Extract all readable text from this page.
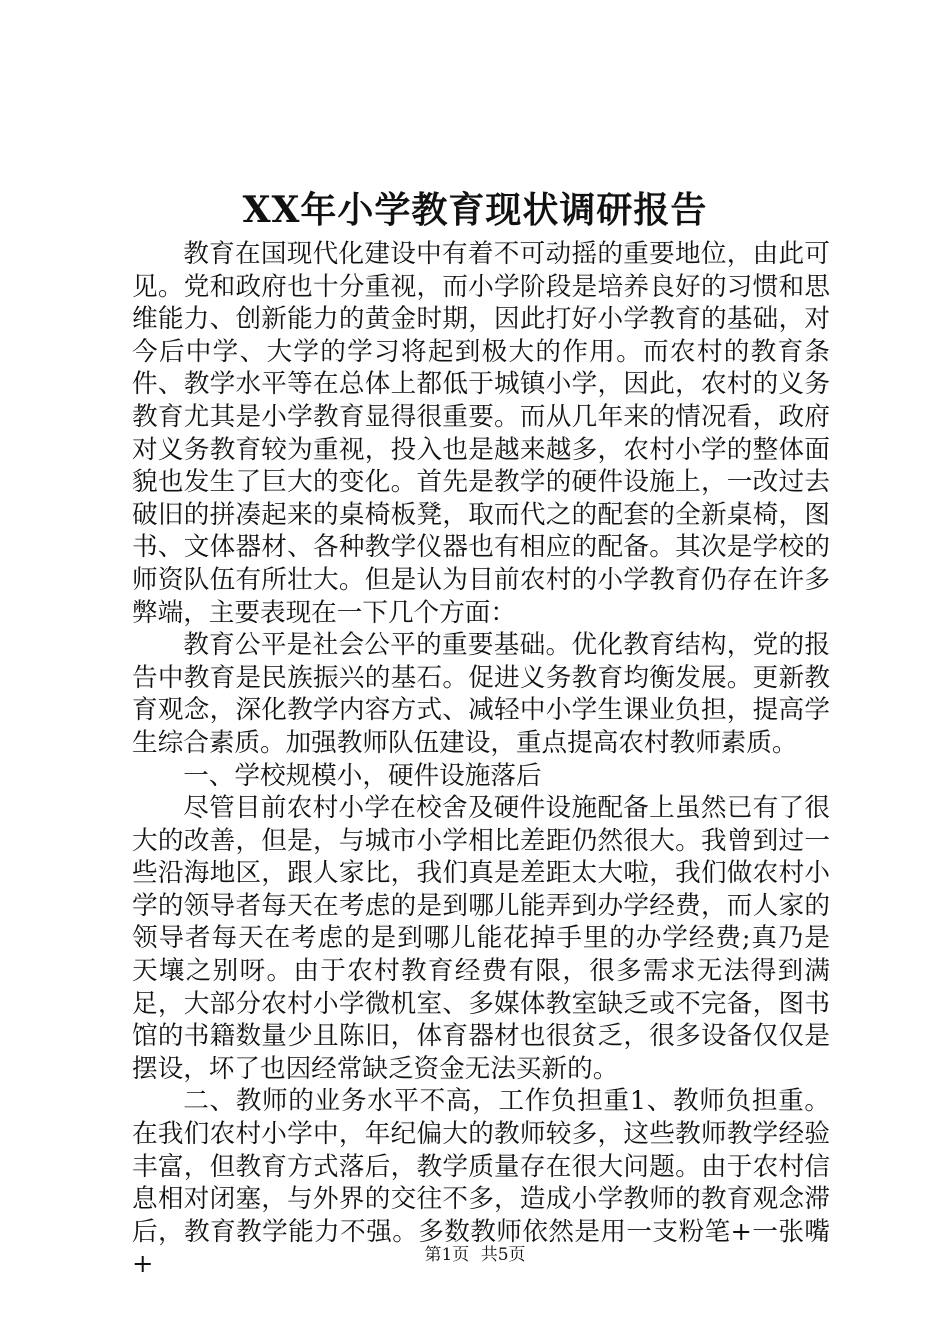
XX年小学教育现状调研报告

教育在国现代化建设中有着不可动摇的重要地位，由此可见。党和政府也十分重视，而小学阶段是培养良好的习惯和思维能力、创新能力的黄金时期，因此打好小学教育的基础，对今后中学、大学的学习将起到极大的作用。而农村的教育条件、教学水平等在总体上都低于城镇小学，因此，农村的义务教育尤其是小学教育显得很重要。而从几年来的情况看，政府对义务教育较为重视，投入也是越来越多，农村小学的整体面貌也发生了巨大的变化。首先是教学的硬件设施上，一改过去破旧的拼凑起来的桌椅板凳，取而代之的配套的全新桌椅，图书、文体器材、各种教学仪器也有相应的配备。其次是学校的师资队伍有所壮大。但是认为目前农村的小学教育仍存在许多弊端，主要表现在一下几个方面：

教育公平是社会公平的重要基础。优化教育结构，党的报告中教育是民族振兴的基石。促进义务教育均衡发展。更新教育观念，深化教学内容方式、减轻中小学生课业负担，提高学生综合素质。加强教师队伍建设，重点提高农村教师素质。

一、学校规模小，硬件设施落后

尽管目前农村小学在校舍及硬件设施配备上虽然已有了很大的改善，但是，与城市小学相比差距仍然很大。我曾到过一些沿海地区，跟人家比，我们真是差距太大啦，我们做农村小学的领导者每天在考虑的是到哪儿能弄到办学经费，而人家的领导者每天在考虑的是到哪儿能花掉手里的办学经费;真乃是天壤之别呀。由于农村教育经费有限，很多需求无法得到满足，大部分农村小学微机室、多媒体教室缺乏或不完备，图书馆的书籍数量少且陈旧，体育器材也很贫乏，很多设备仅仅是摆设，坏了也因经常缺乏资金无法买新的。

二、教师的业务水平不高，工作负担重1、教师负担重。在我们农村小学中，年纪偏大的教师较多，这些教师教学经验丰富，但教育方式落后，教学质量存在很大问题。由于农村信息相对闭塞，与外界的交往不多，造成小学教师的教育观念滞后，教育教学能力不强。多数教师依然是用一支粉笔+一张嘴+	第1页 共5页
